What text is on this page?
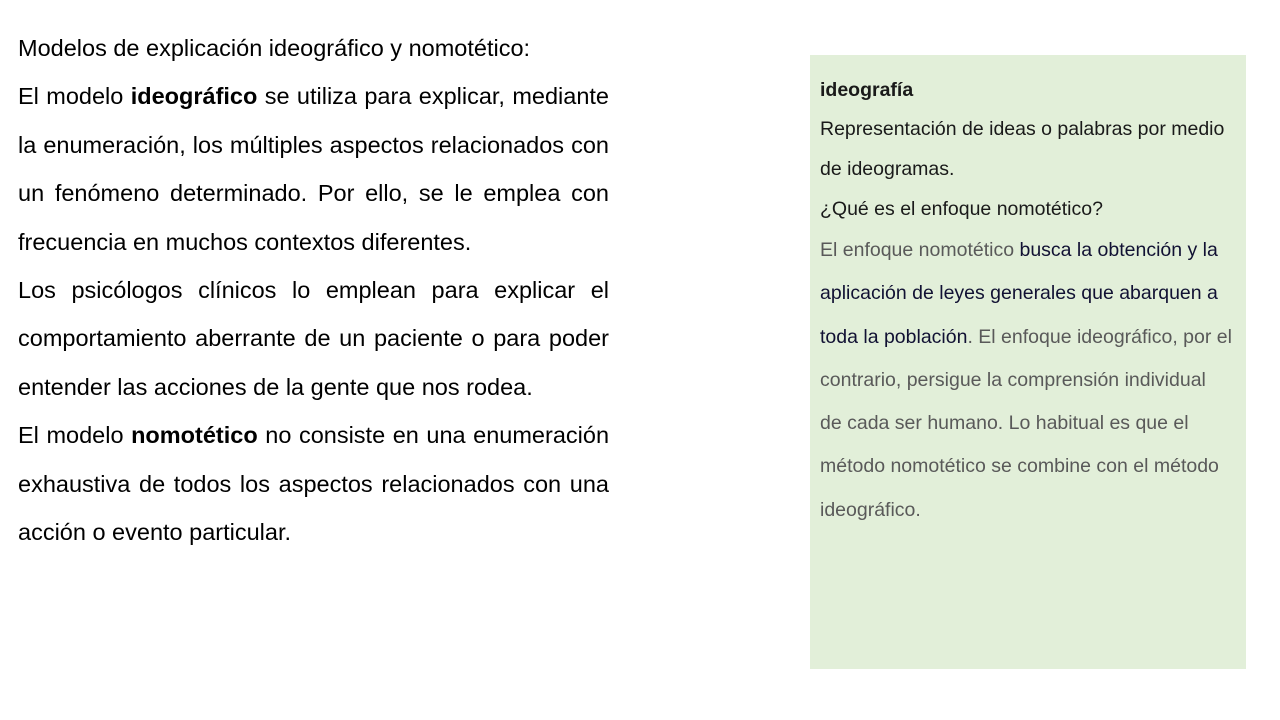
Modelos de explicación ideográfico y nomotético:

El modelo ideográfico se utiliza para explicar, mediante la enumeración, los múltiples aspectos relacionados con un fenómeno determinado. Por ello, se le emplea con frecuencia en muchos contextos diferentes.

Los psicólogos clínicos lo emplean para explicar el comportamiento aberrante de un paciente o para poder entender las acciones de la gente que nos rodea.

El modelo nomotético no consiste en una enumeración exhaustiva de todos los aspectos relacionados con una acción o evento particular.

ideografía

Representación de ideas o palabras por medio de ideogramas.

¿Qué es el enfoque nomotético?

El enfoque nomotético busca la obtención y la aplicación de leyes generales que abarquen a toda la población. El enfoque ideográfico, por el contrario, persigue la comprensión individual de cada ser humano. Lo habitual es que el método nomotético se combine con el método ideográfico.
